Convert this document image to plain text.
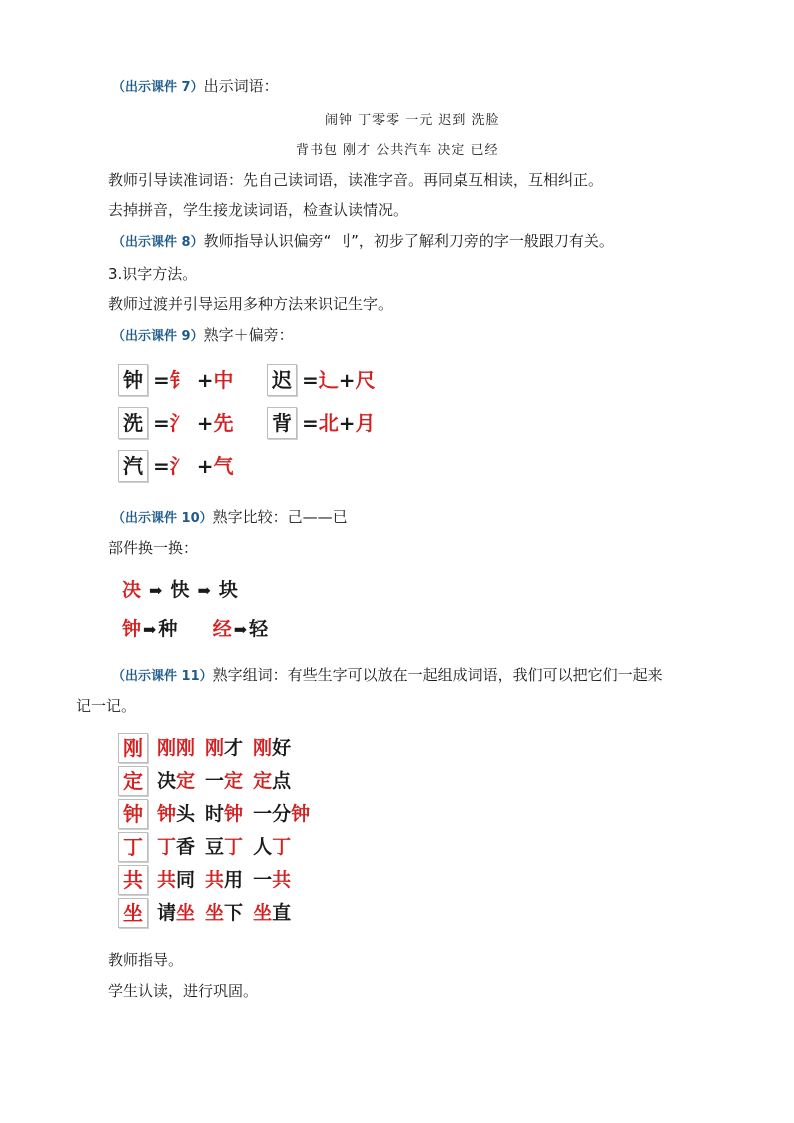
（出示课件 7）出示词语：
闹钟 丁零零 一元 迟到 洗脸
背书包 刚才 公共汽车 决定 已经
教师引导读准词语：先自己读词语，读准字音。再同桌互相读，互相纠正。
去掉拼音，学生接龙读词语，检查认读情况。
（出示课件 8）教师指导认识偏旁“ 刂”，初步了解利刀旁的字一般跟刀有关。
3.识字方法。
教师过渡并引导运用多种方法来识记生字。
（出示课件 9）熟字＋偏旁：
钟 =钅 +中 迟 =辶+尺
洗 =氵 +先 背 =北+月
汽 =氵 +气
（出示课件 10）熟字比较：己——已
部件换一换：
决 ➡ 快 ➡ 块
钟 ➡ 种 经 ➡ 轻
（出示课件 11）熟字组词：有些生字可以放在一起组成词语，我们可以把它们一起来
记一记。
刚 刚刚 刚才 刚好
定 决定 一定 定点
钟 钟头 时钟 一分钟
丁 丁香 豆丁 人丁
共 共同 共用 一共
坐 请坐 坐下 坐直
教师指导。
学生认读，进行巩固。
